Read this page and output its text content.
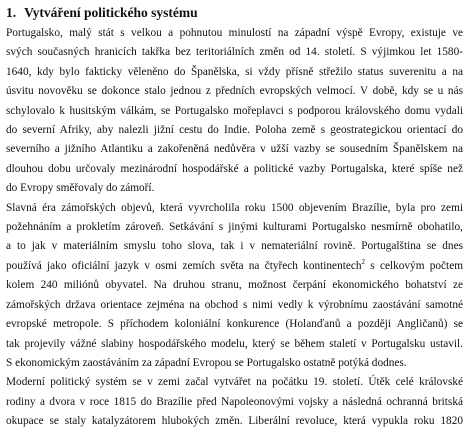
1. Vytváření politického systému
Portugalsko, malý stát s velkou a pohnutou minulostí na západní výspě Evropy, existuje ve
svých současných hranicích takřka bez teritoriálních změn od 14. století. S výjimkou let 1580-
1640, kdy bylo fakticky věleněno do Španělska, si vždy přísně střežilo status suverenitu a na
úsvitu novověku se dokonce stalo jednou z předních evropských velmocí. V době, kdy se u nás
schylovalo k husitským válkám, se Portugalsko mořeplavci s podporou královského domu vydali
do severní Afriky, aby nalezli jižní cestu do Indie. Poloha země s geostrategickou orientací do
severního a jižního Atlantiku a zakořeněná nedůvěra v užší vazby se sousedním Španělskem na
dlouhou dobu určovaly mezinárodní hospodářské a politické vazby Portugalska, které spíše než
do Evropy směřovaly do zámoří.
Slavná éra zámořských objevů, která vyvrcholila roku 1500 objevením Brazílie, byla pro zemi
požehnáním a prokletím zároveň. Setkávání s jinými kulturami Portugalsko nesmírně obohatilo,
a to jak v materiálním smyslu toho slova, tak i v nemateriální rovině. Portugalština se dnes
používá jako oficiální jazyk v osmi zemích světa na čtyřech kontinentech$^2$ s celkovým počtem
kolem 240 miliónů obyvatel. Na druhou stranu, možnost čerpání ekonomického bohatství ze
zámořských država orientace zejména na obchod s nimi vedly k výrobnímu zaostávání samotné
evropské metropole. S příchodem koloniální konkurence (Holanďanů a později Angličanů) se
tak projevily vážné slabiny hospodářského modelu, který se během staletí v Portugalsku ustavil.
S ekonomickým zaostáváním za západní Evropou se Portugalsko ostatně potýká dodnes.
Moderní politický systém se v zemi začal vytvářet na počátku 19. století. Útěk celé královské
rodiny a dvora v roce 1815 do Brazílie před Napoleonovými vojsky a následná ochranná britská
okupace se staly katalyzátorem hlubokých změn. Liberální revoluce, která vypukla roku 1820
